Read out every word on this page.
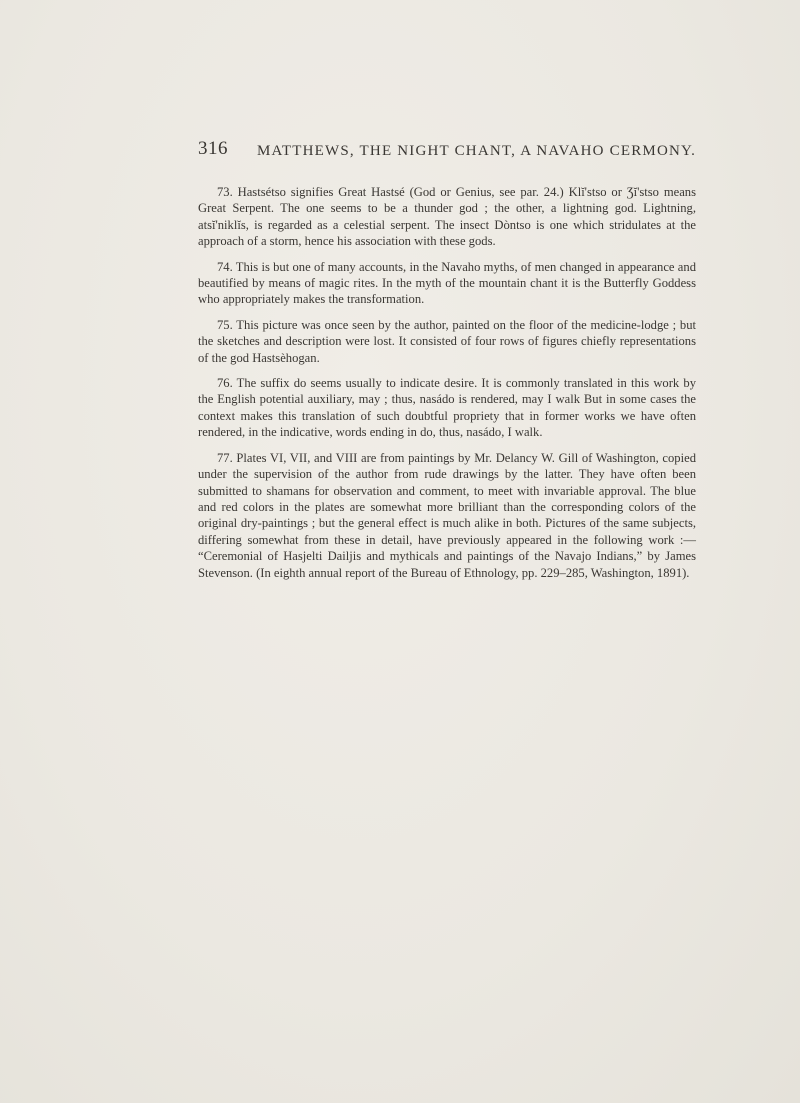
316 MATTHEWS, THE NIGHT CHANT, A NAVAHO CERMONY.

73. Hastsétso signifies Great Hastsé (God or Genius, see par. 24.) Klĭ'stso or Ʒĭ'stso means Great Serpent. The one seems to be a thunder god ; the other, a lightning god. Lightning, atsĭ'niklĭs, is regarded as a celestial serpent. The insect Dòntso is one which stridulates at the approach of a storm, hence his association with these gods.

74. This is but one of many accounts, in the Navaho myths, of men changed in appearance and beautified by means of magic rites. In the myth of the mountain chant it is the Butterfly Goddess who appropriately makes the transformation.

75. This picture was once seen by the author, painted on the floor of the medicine-lodge ; but the sketches and description were lost. It consisted of four rows of figures chiefly representations of the god Hastsèhogan.

76. The suffix do seems usually to indicate desire. It is commonly translated in this work by the English potential auxiliary, may ; thus, nasádo is rendered, may I walk But in some cases the context makes this translation of such doubtful propriety that in former works we have often rendered, in the indicative, words ending in do, thus, nasádo, I walk.

77. Plates VI, VII, and VIII are from paintings by Mr. Delancy W. Gill of Washington, copied under the supervision of the author from rude drawings by the latter. They have often been submitted to shamans for observation and comment, to meet with invariable approval. The blue and red colors in the plates are somewhat more brilliant than the corresponding colors of the original dry-paintings ; but the general effect is much alike in both. Pictures of the same subjects, differing somewhat from these in detail, have previously appeared in the following work :— “Ceremonial of Hasjelti Dailjis and mythicals and paintings of the Navajo Indians,” by James Stevenson. (In eighth annual report of the Bureau of Ethnology, pp. 229–285, Washington, 1891).
